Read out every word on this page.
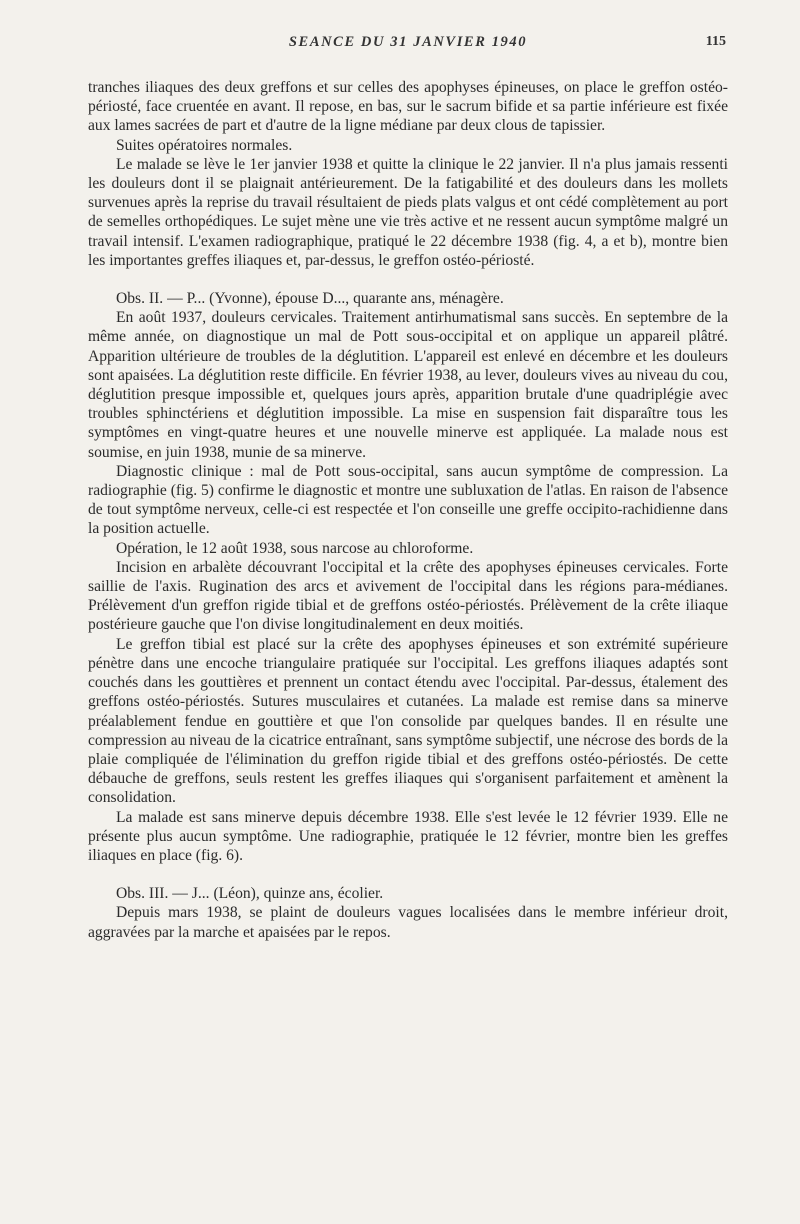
SEANCE DU 31 JANVIER 1940	115

tranches iliaques des deux greffons et sur celles des apophyses épineuses, on place le greffon ostéo-périosté, face cruentée en avant. Il repose, en bas, sur le sacrum bifide et sa partie inférieure est fixée aux lames sacrées de part et d'autre de la ligne médiane par deux clous de tapissier.

Suites opératoires normales.

Le malade se lève le 1er janvier 1938 et quitte la clinique le 22 janvier. Il n'a plus jamais ressenti les douleurs dont il se plaignait antérieurement. De la fatigabilité et des douleurs dans les mollets survenues après la reprise du travail résultaient de pieds plats valgus et ont cédé complètement au port de semelles orthopédiques. Le sujet mène une vie très active et ne ressent aucun symptôme malgré un travail intensif. L'examen radiographique, pratiqué le 22 décembre 1938 (fig. 4, a et b), montre bien les importantes greffes iliaques et, par-dessus, le greffon ostéo-périosté.

Obs. II. — P... (Yvonne), épouse D..., quarante ans, ménagère.

En août 1937, douleurs cervicales. Traitement antirhumatismal sans succès. En septembre de la même année, on diagnostique un mal de Pott sous-occipital et on applique un appareil plâtré. Apparition ultérieure de troubles de la déglutition. L'appareil est enlevé en décembre et les douleurs sont apaisées. La déglutition reste difficile. En février 1938, au lever, douleurs vives au niveau du cou, déglutition presque impossible et, quelques jours après, apparition brutale d'une quadriplégie avec troubles sphinctériens et déglutition impossible. La mise en suspension fait disparaître tous les symptômes en vingt-quatre heures et une nouvelle minerve est appliquée. La malade nous est soumise, en juin 1938, munie de sa minerve.

Diagnostic clinique : mal de Pott sous-occipital, sans aucun symptôme de compression. La radiographie (fig. 5) confirme le diagnostic et montre une subluxation de l'atlas. En raison de l'absence de tout symptôme nerveux, celle-ci est respectée et l'on conseille une greffe occipito-rachidienne dans la position actuelle.

Opération, le 12 août 1938, sous narcose au chloroforme.

Incision en arbalète découvrant l'occipital et la crête des apophyses épineuses cervicales. Forte saillie de l'axis. Rugination des arcs et avivement de l'occipital dans les régions para-médianes. Prélèvement d'un greffon rigide tibial et de greffons ostéo-périostés. Prélèvement de la crête iliaque postérieure gauche que l'on divise longitudinalement en deux moitiés.

Le greffon tibial est placé sur la crête des apophyses épineuses et son extrémité supérieure pénètre dans une encoche triangulaire pratiquée sur l'occipital. Les greffons iliaques adaptés sont couchés dans les gouttières et prennent un contact étendu avec l'occipital. Par-dessus, étalement des greffons ostéo-périostés. Sutures musculaires et cutanées. La malade est remise dans sa minerve préalablement fendue en gouttière et que l'on consolide par quelques bandes. Il en résulte une compression au niveau de la cicatrice entraînant, sans symptôme subjectif, une nécrose des bords de la plaie compliquée de l'élimination du greffon rigide tibial et des greffons ostéo-périostés. De cette débauche de greffons, seuls restent les greffes iliaques qui s'organisent parfaitement et amènent la consolidation.

La malade est sans minerve depuis décembre 1938. Elle s'est levée le 12 février 1939. Elle ne présente plus aucun symptôme. Une radiographie, pratiquée le 12 février, montre bien les greffes iliaques en place (fig. 6).

Obs. III. — J... (Léon), quinze ans, écolier.

Depuis mars 1938, se plaint de douleurs vagues localisées dans le membre inférieur droit, aggravées par la marche et apaisées par le repos.
